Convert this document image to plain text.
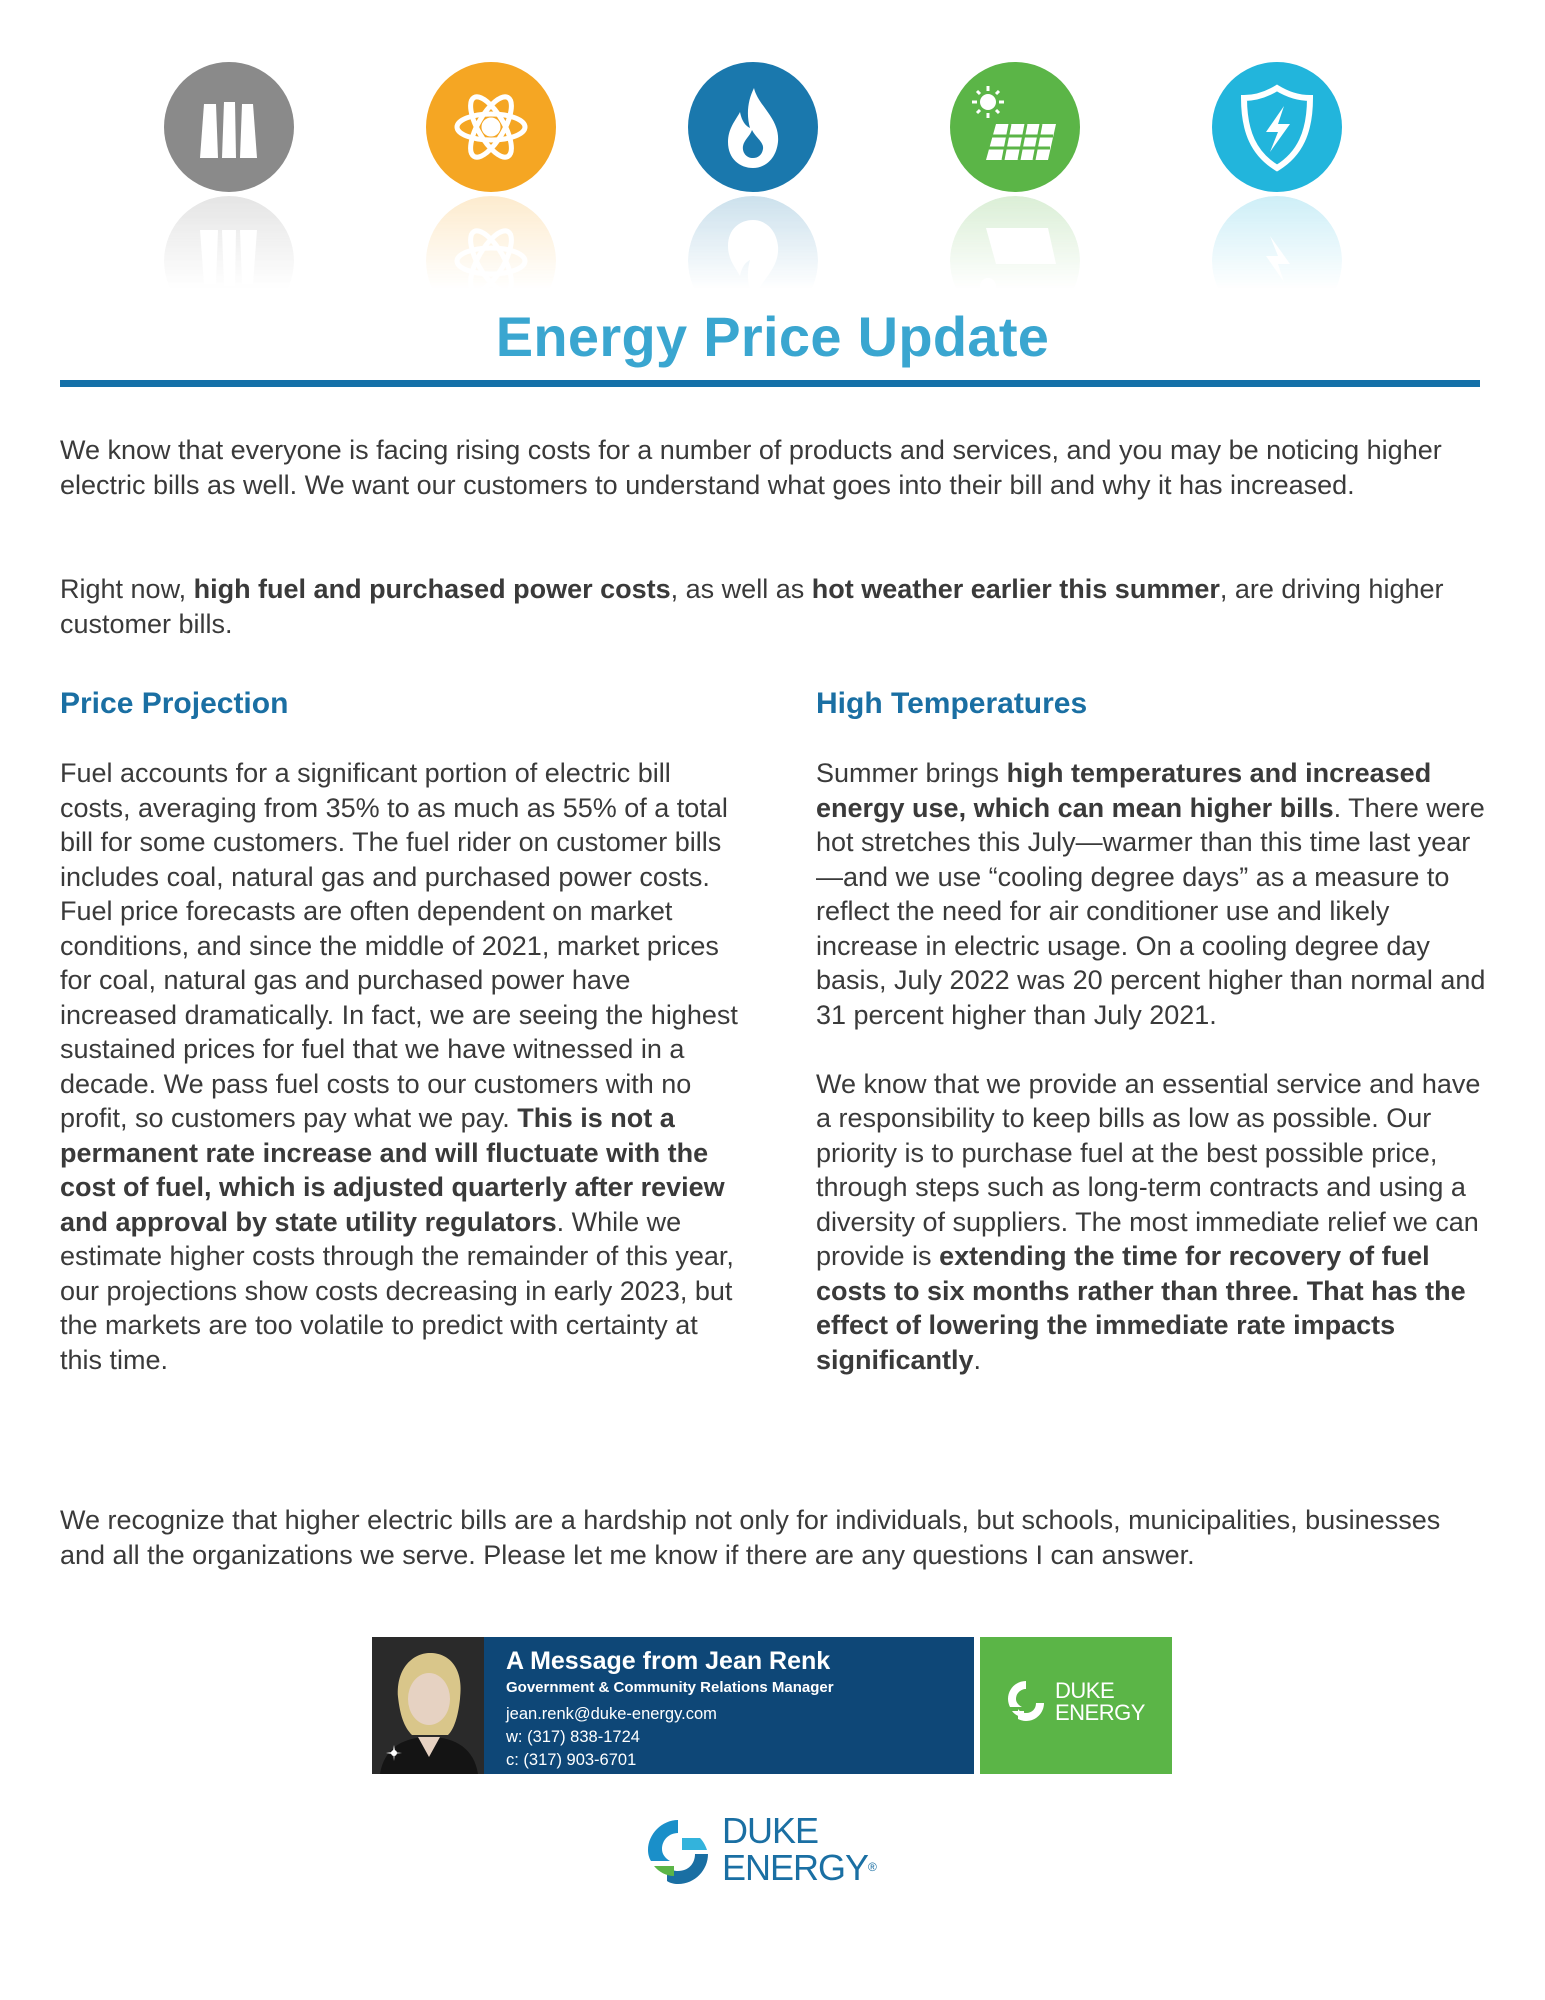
Energy Price Update

We know that everyone is facing rising costs for a number of products and services, and you may be noticing higher electric bills as well. We want our customers to understand what goes into their bill and why it has increased.

Right now, high fuel and purchased power costs, as well as hot weather earlier this summer, are driving higher customer bills.

Price Projection

Fuel accounts for a significant portion of electric bill costs, averaging from 35% to as much as 55% of a total bill for some customers. The fuel rider on customer bills includes coal, natural gas and purchased power costs. Fuel price forecasts are often dependent on market conditions, and since the middle of 2021, market prices for coal, natural gas and purchased power have increased dramatically. In fact, we are seeing the highest sustained prices for fuel that we have witnessed in a decade. We pass fuel costs to our customers with no profit, so customers pay what we pay. This is not a permanent rate increase and will fluctuate with the cost of fuel, which is adjusted quarterly after review and approval by state utility regulators. While we estimate higher costs through the remainder of this year, our projections show costs decreasing in early 2023, but the markets are too volatile to predict with certainty at this time.

High Temperatures

Summer brings high temperatures and increased energy use, which can mean higher bills. There were hot stretches this July—warmer than this time last year—and we use “cooling degree days” as a measure to reflect the need for air conditioner use and likely increase in electric usage. On a cooling degree day basis, July 2022 was 20 percent higher than normal and 31 percent higher than July 2021.

We know that we provide an essential service and have a responsibility to keep bills as low as possible. Our priority is to purchase fuel at the best possible price, through steps such as long-term contracts and using a diversity of suppliers. The most immediate relief we can provide is extending the time for recovery of fuel costs to six months rather than three. That has the effect of lowering the immediate rate impacts significantly.

We recognize that higher electric bills are a hardship not only for individuals, but schools, municipalities, businesses and all the organizations we serve. Please let me know if there are any questions I can answer.

A Message from Jean Renk
Government & Community Relations Manager
jean.renk@duke-energy.com
w: (317) 838-1724
c: (317) 903-6701
DUKE
ENERGY
DUKE
ENERGY®
